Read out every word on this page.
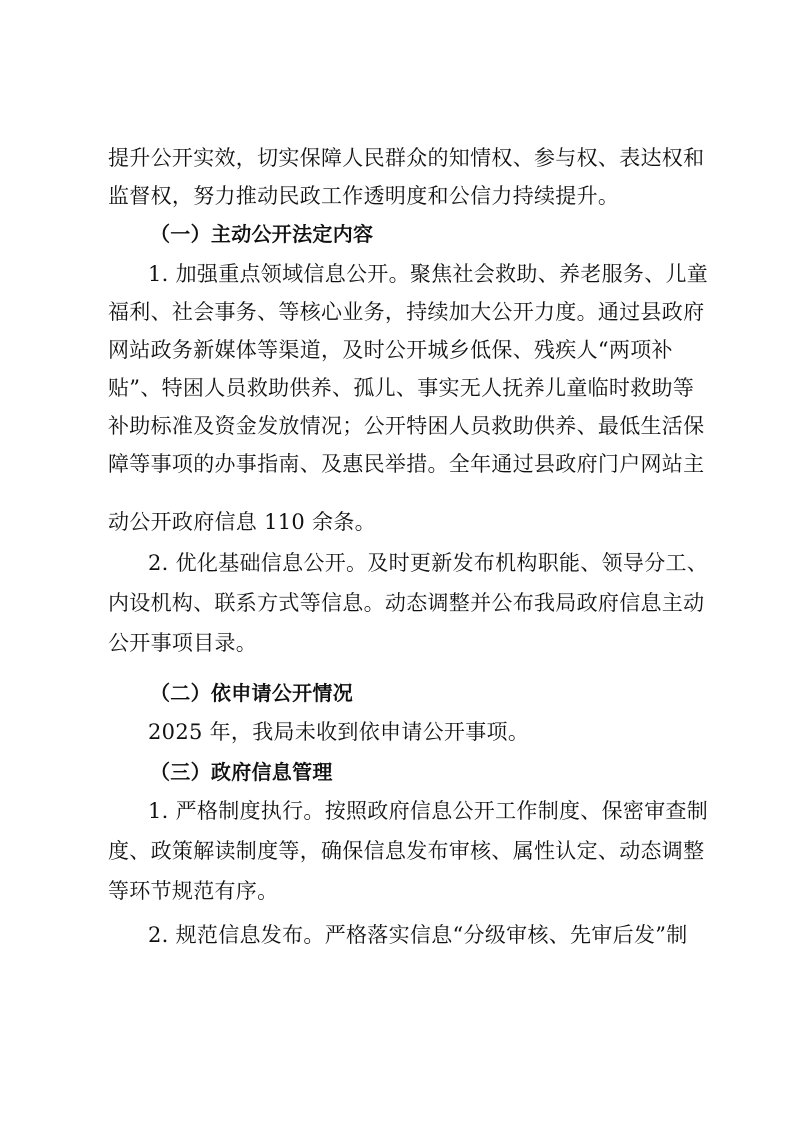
提升公开实效，切实保障人民群众的知情权、参与权、表达权和
监督权，努力推动民政工作透明度和公信力持续提升。
（一）主动公开法定内容
1. 加强重点领域信息公开。聚焦社会救助、养老服务、儿童
福利、社会事务、等核心业务，持续加大公开力度。通过县政府
网站政务新媒体等渠道，及时公开城乡低保、残疾人“两项补
贴”、特困人员救助供养、孤儿、事实无人抚养儿童临时救助等
补助标准及资金发放情况；公开特困人员救助供养、最低生活保
障等事项的办事指南、及惠民举措。全年通过县政府门户网站主
动公开政府信息 110 余条。
2. 优化基础信息公开。及时更新发布机构职能、领导分工、
内设机构、联系方式等信息。动态调整并公布我局政府信息主动
公开事项目录。
（二）依申请公开情况
2025 年，我局未收到依申请公开事项。
（三）政府信息管理
1. 严格制度执行。按照政府信息公开工作制度、保密审查制
度、政策解读制度等，确保信息发布审核、属性认定、动态调整
等环节规范有序。
2. 规范信息发布。严格落实信息“分级审核、先审后发”制
